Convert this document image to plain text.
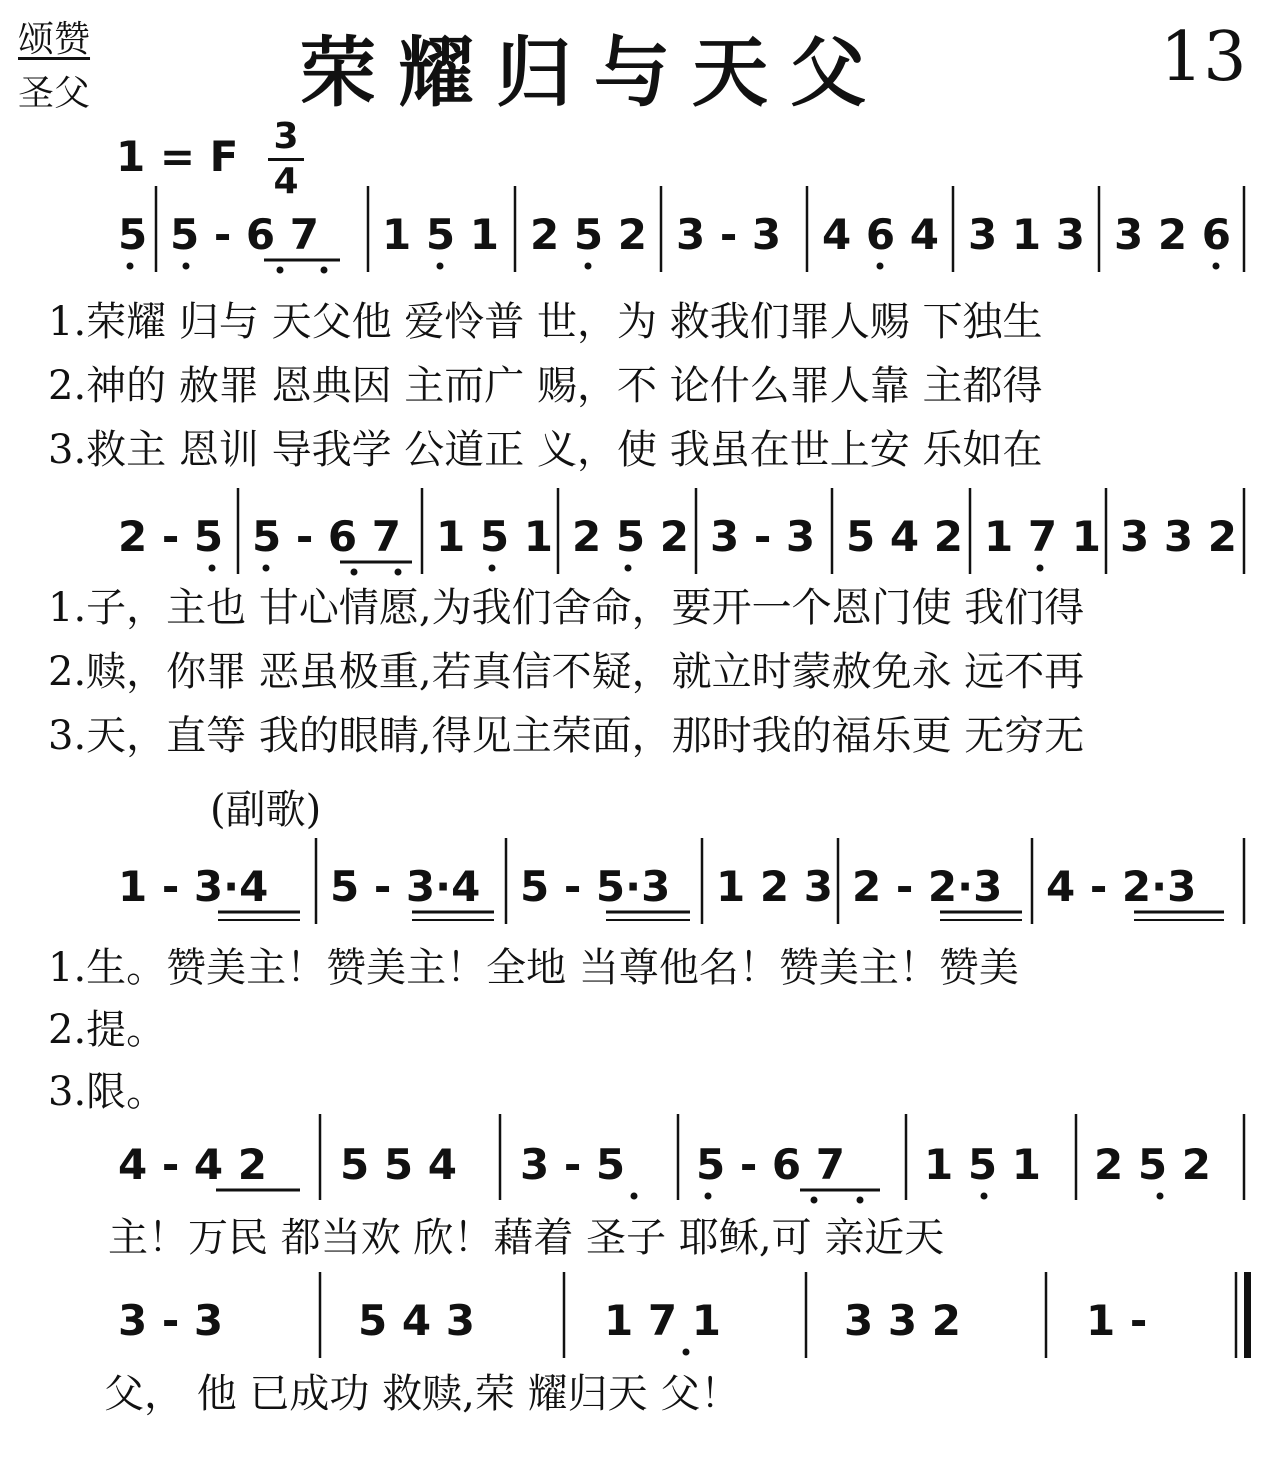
颂赞
圣父	荣耀归与天父	13
1 = F $\frac{3}{4}$
5 5 - 6 7 1 5 1 2 5 2 3 - 3 4 6 4 3 1 3 3 2 6
1.荣耀 归与 天父他 爱怜普 世，为 救我们罪人赐 下独生
2.神的 赦罪 恩典因 主而广 赐，不 论什么罪人靠 主都得
3.救主 恩训 导我学 公道正 义，使 我虽在世上安 乐如在
2 - 5 5 - 6 7 1 5 1 2 5 2 3 - 3 5 4 2 1 7 1 3 3 2
1.子，主也 甘心情愿,为我们舍命，要开一个恩门使 我们得
2.赎，你罪 恶虽极重,若真信不疑，就立时蒙赦免永 远不再
3.天，直等 我的眼睛,得见主荣面，那时我的福乐更 无穷无
(副歌)
1 - 3·4 5 - 3·4 5 - 5·3 1 2 3 2 - 2·3 4 - 2·3
1.生。赞美主！赞美主！全地 当尊他名！赞美主！赞美
2.提。
3.限。
4 - 4 2 5 5 4 3 - 5 5 - 6 7 1 5 1 2 5 2
主！万民 都当欢 欣！藉着 圣子 耶稣,可 亲近天
3 - 3	5 4 3	1 7 1	3 3 2	1 -
父， 他 已成功 救赎,荣 耀归天 父！
